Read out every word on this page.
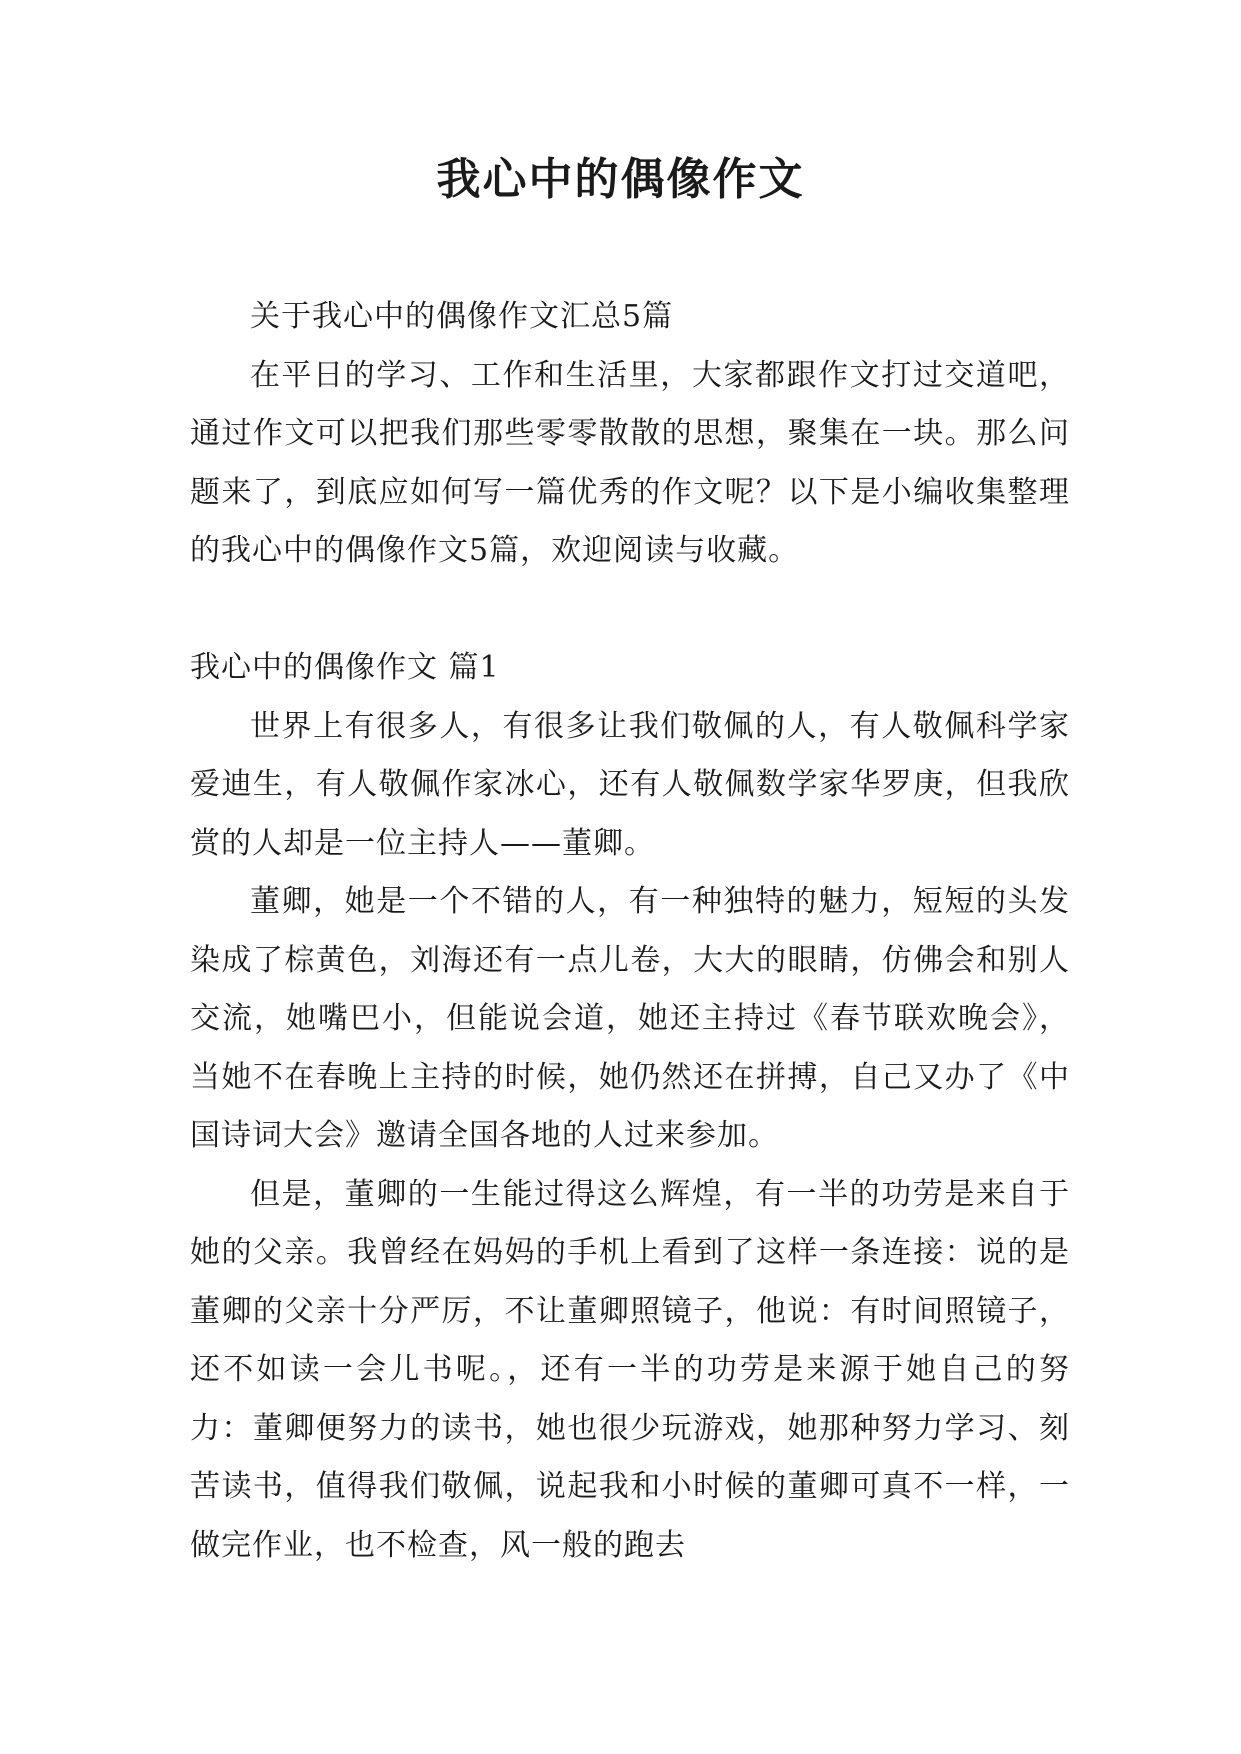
我心中的偶像作文

关于我心中的偶像作文汇总5篇

在平日的学习、工作和生活里，大家都跟作文打过交道吧，通过作文可以把我们那些零零散散的思想，聚集在一块。那么问题来了，到底应如何写一篇优秀的作文呢？以下是小编收集整理的我心中的偶像作文5篇，欢迎阅读与收藏。

我心中的偶像作文 篇1

世界上有很多人，有很多让我们敬佩的人，有人敬佩科学家爱迪生，有人敬佩作家冰心，还有人敬佩数学家华罗庚，但我欣赏的人却是一位主持人——董卿。

董卿，她是一个不错的人，有一种独特的魅力，短短的头发染成了棕黄色，刘海还有一点儿卷，大大的眼睛，仿佛会和别人交流，她嘴巴小，但能说会道，她还主持过《春节联欢晚会》，当她不在春晚上主持的时候，她仍然还在拼搏，自己又办了《中国诗词大会》邀请全国各地的人过来参加。

但是，董卿的一生能过得这么辉煌，有一半的功劳是来自于她的父亲。我曾经在妈妈的手机上看到了这样一条连接：说的是董卿的父亲十分严厉，不让董卿照镜子，他说：有时间照镜子，还不如读一会儿书呢。，还有一半的功劳是来源于她自己的努力：董卿便努力的读书，她也很少玩游戏，她那种努力学习、刻苦读书，值得我们敬佩，说起我和小时候的董卿可真不一样，一做完作业，也不检查，风一般的跑去
